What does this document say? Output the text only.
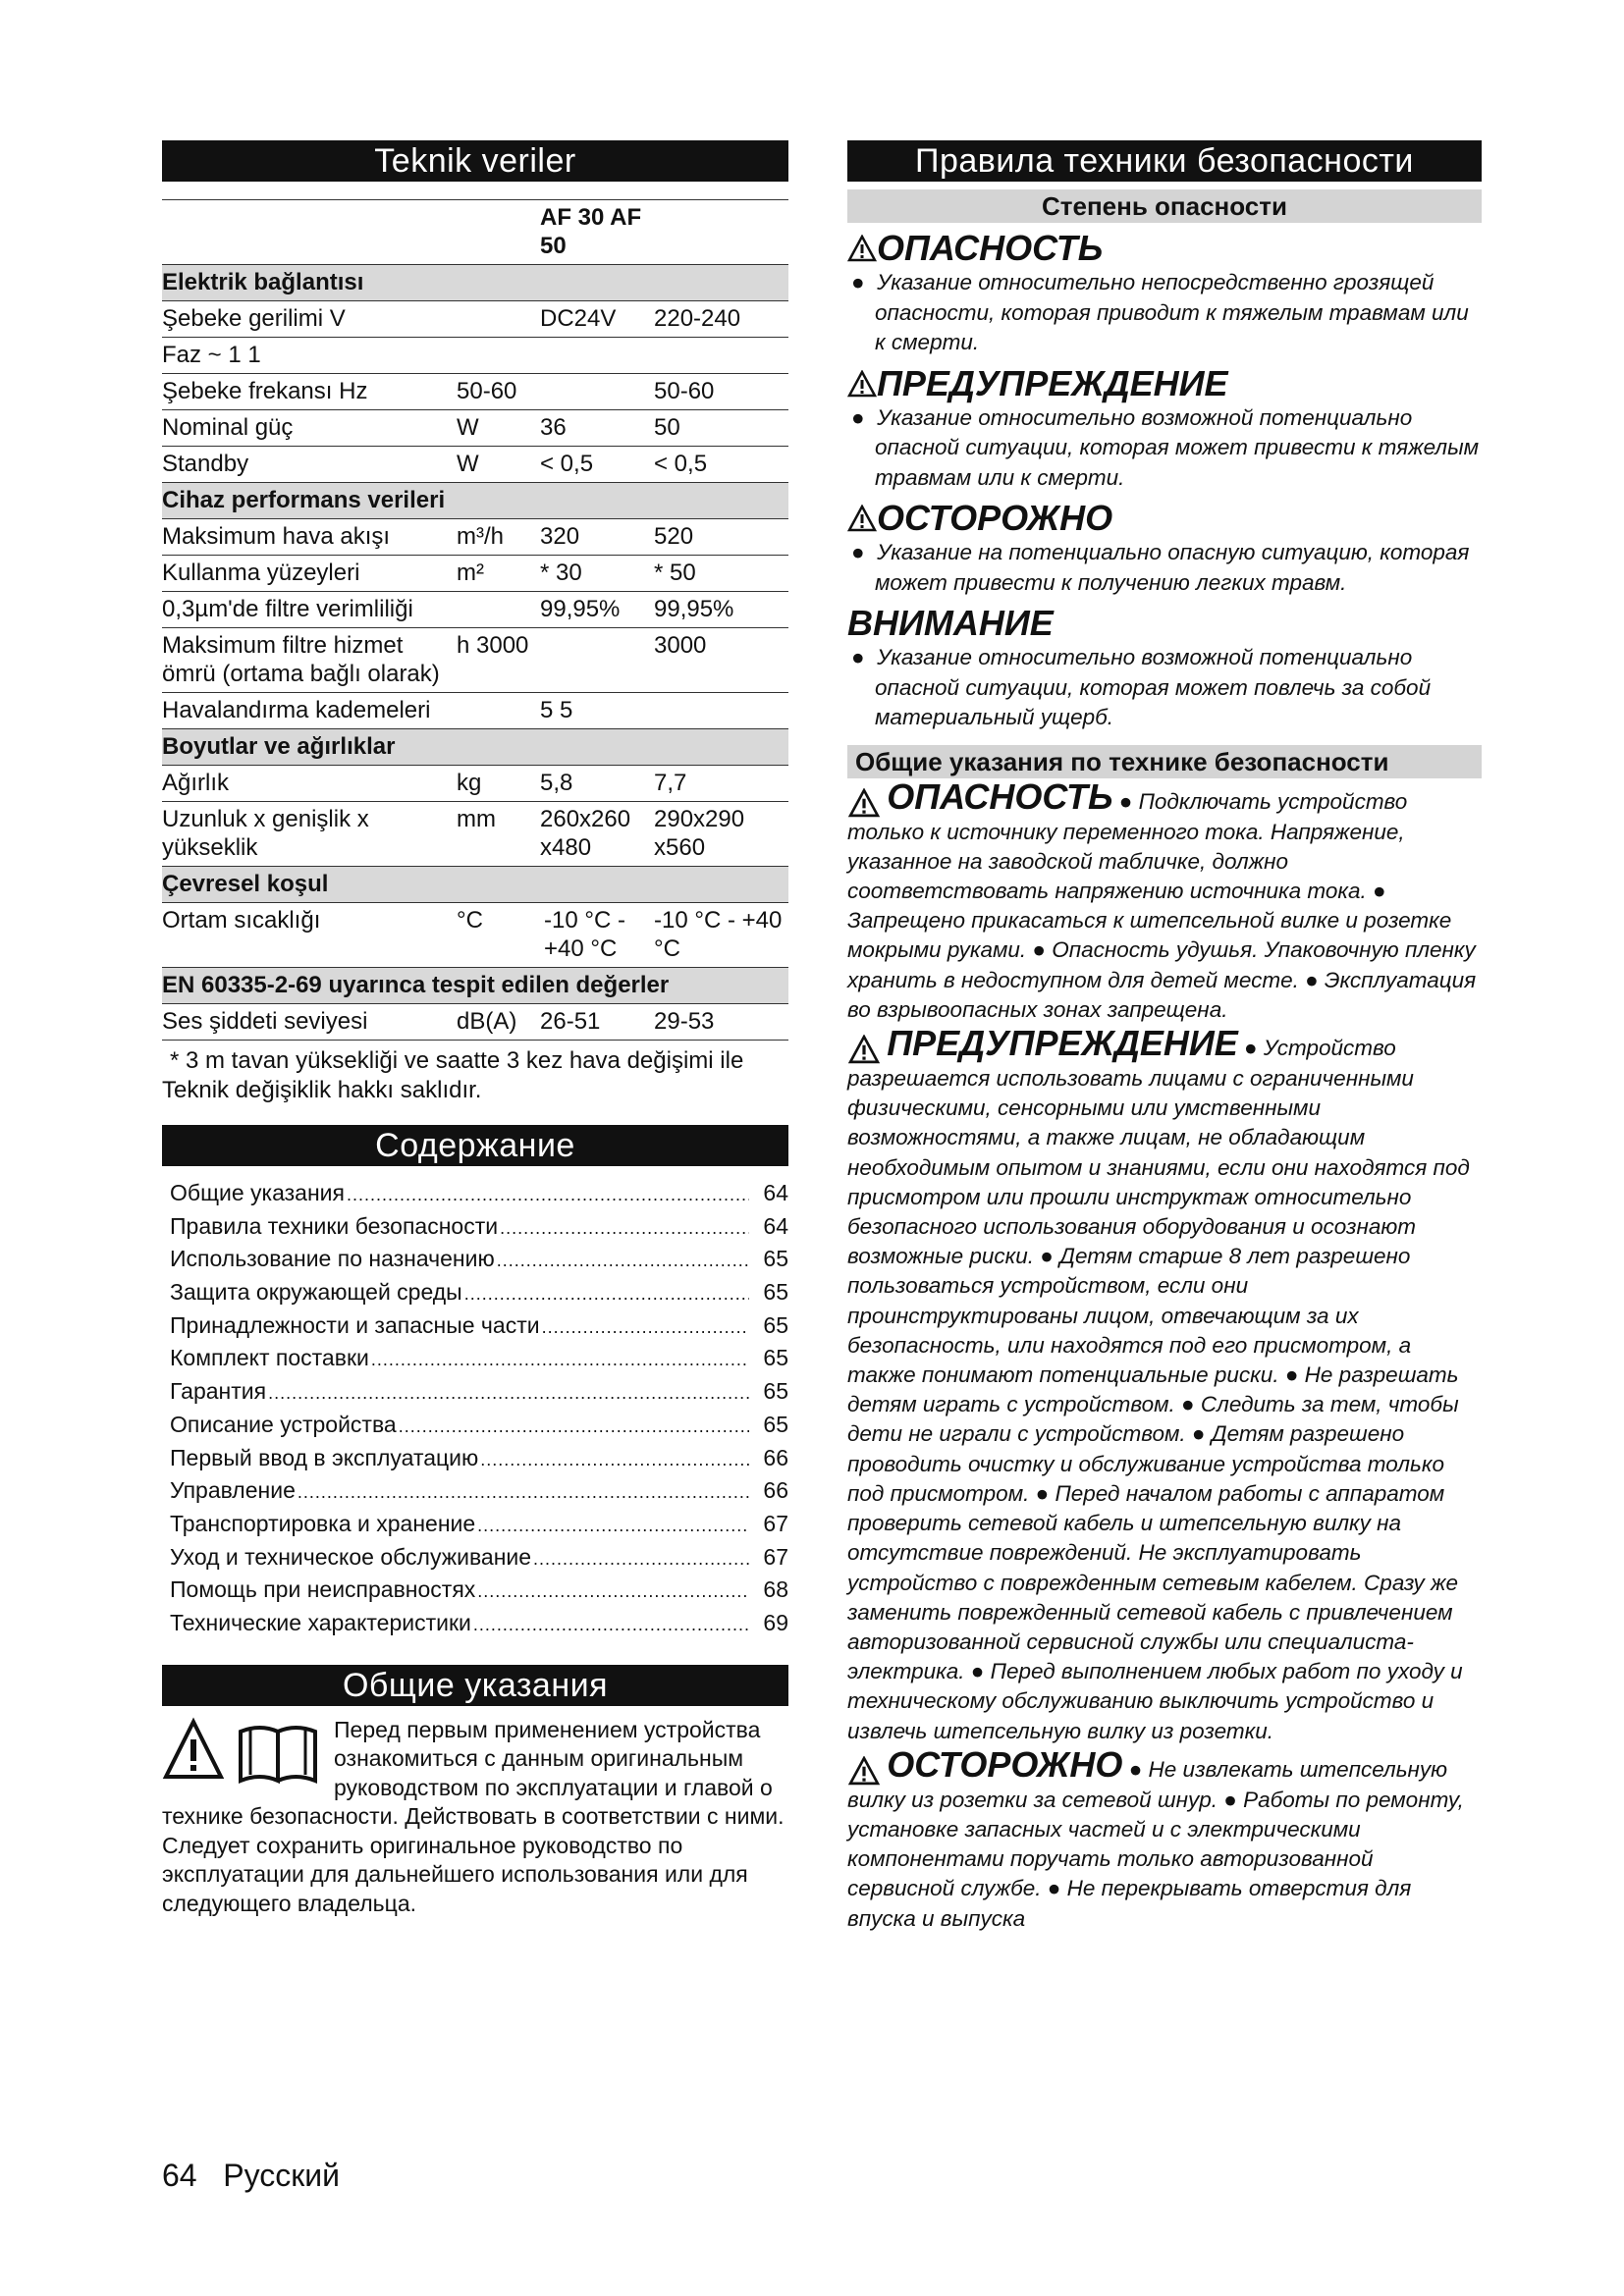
Teknik veriler
		AF 30 AF 50	
Elektrik bağlantısı			
Şebeke gerilimi V		DC24V	220-240
Faz ~ 1 1			
Şebeke frekansı Hz	50-60		50-60
Nominal güç	W	36	50
Standby	W	< 0,5	< 0,5
Cihaz performans verileri			
Maksimum hava akışı	m³/h	320	520
Kullanma yüzeyleri	m²	* 30	* 50
0,3µm'de filtre verimliliği		99,95%	99,95%
Maksimum filtre hizmet ömrü (ortama bağlı olarak)	h 3000		3000
Havalandırma kademeleri		5 5	
Boyutlar ve ağırlıklar			
Ağırlık	kg	5,8	7,7
Uzunluk x genişlik x yükseklik	mm	260x260 x480	290x290 x560
Çevresel koşul			
Ortam sıcaklığı	°C	-10 °C - +40 °C	-10 °C - +40 °C
EN 60335-2-69 uyarınca tespit edilen değerler			
Ses şiddeti seviyesi	dB(A)	26-51	29-53
* 3 m tavan yüksekliği ve saatte 3 kez hava değişimi ile
Teknik değişiklik hakkı saklıdır.
Содержание
Общие указания .....	64
Правила техники безопасности .....	64
Использование по назначению .....	65
Защита окружающей среды .....	65
Принадлежности и запасные части .....	65
Комплект поставки .....	65
Гарантия .....	65
Описание устройства .....	65
Первый ввод в эксплуатацию .....	66
Управление .....	66
Транспортировка и хранение .....	67
Уход и техническое обслуживание .....	67
Помощь при неисправностях .....	68
Технические характеристики .....	69
Общие указания
Перед первым применением устройства ознакомиться с данным оригинальным руководством по эксплуатации и главой о технике безопасности. Действовать в соответствии с ними. Следует сохранить оригинальное руководство по эксплуатации для дальнейшего использования или для следующего владельца.
Правила техники безопасности
Степень опасности
ОПАСНОСТЬ
●  Указание относительно непосредственно грозящей опасности, которая приводит к тяжелым травмам или к смерти.
ПРЕДУПРЕЖДЕНИЕ
●  Указание относительно возможной потенциально опасной ситуации, которая может привести к тяжелым травмам или к смерти.
ОСТОРОЖНО
●  Указание на потенциально опасную ситуацию, которая может привести к получению легких травм.
ВНИМАНИЕ
●  Указание относительно возможной потенциально опасной ситуации, которая может повлечь за собой материальный ущерб.
Общие указания по технике безопасности
ОПАСНОСТЬ ● Подключать устройство только к источнику переменного тока. Напряжение, указанное на заводской табличке, должно соответствовать напряжению источника тока. ● Запрещено прикасаться к штепсельной вилке и розетке мокрыми руками. ● Опасность удушья. Упаковочную пленку хранить в недоступном для детей месте. ● Эксплуатация во взрывоопасных зонах запрещена.
ПРЕДУПРЕЖДЕНИЕ ● Устройство разрешается использовать лицами с ограниченными физическими, сенсорными или умственными возможностями, а также лицам, не обладающим необходимым опытом и знаниями, если они находятся под присмотром или прошли инструктаж относительно безопасного использования оборудования и осознают возможные риски. ● Детям старше 8 лет разрешено пользоваться устройством, если они проинструктированы лицом, отвечающим за их безопасность, или находятся под его присмотром, а также понимают потенциальные риски. ● Не разрешать детям играть с устройством. ● Следить за тем, чтобы дети не играли с устройством. ● Детям разрешено проводить очистку и обслуживание устройства только под присмотром. ● Перед началом работы с аппаратом проверить сетевой кабель и штепсельную вилку на отсутствие повреждений. Не эксплуатировать устройство с поврежденным сетевым кабелем. Сразу же заменить поврежденный сетевой кабель с привлечением авторизованной сервисной службы или специалиста-электрика. ● Перед выполнением любых работ по уходу и техническому обслуживанию выключить устройство и извлечь штепсельную вилку из розетки.
ОСТОРОЖНО ● Не извлекать штепсельную вилку из розетки за сетевой шнур. ● Работы по ремонту, установке запасных частей и с электрическими компонентами поручать только авторизованной сервисной службе. ● Не перекрывать отверстия для впуска и выпуска
64 Русский
